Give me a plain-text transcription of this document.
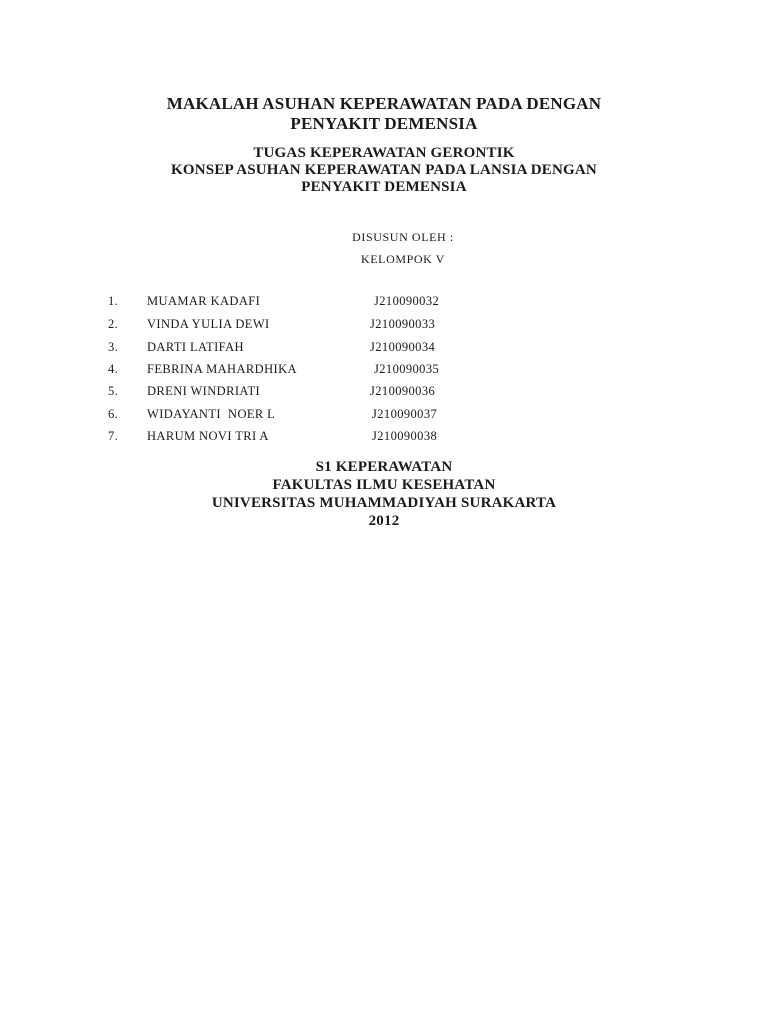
MAKALAH ASUHAN KEPERAWATAN PADA DENGAN
PENYAKIT DEMENSIA
TUGAS KEPERAWATAN GERONTIK
KONSEP ASUHAN KEPERAWATAN PADA LANSIA DENGAN
PENYAKIT DEMENSIA
DISUSUN OLEH :
KELOMPOK V
1. MUAMAR KADAFI	J210090032
2. VINDA YULIA DEWI	J210090033
3. DARTI LATIFAH	J210090034
4. FEBRINA MAHARDHIKA	J210090035
5. DRENI WINDRIATI	J210090036
6. WIDAYANTI  NOER L	J210090037
7. HARUM NOVI TRI A	J210090038
S1 KEPERAWATAN
FAKULTAS ILMU KESEHATAN
UNIVERSITAS MUHAMMADIYAH SURAKARTA
2012
